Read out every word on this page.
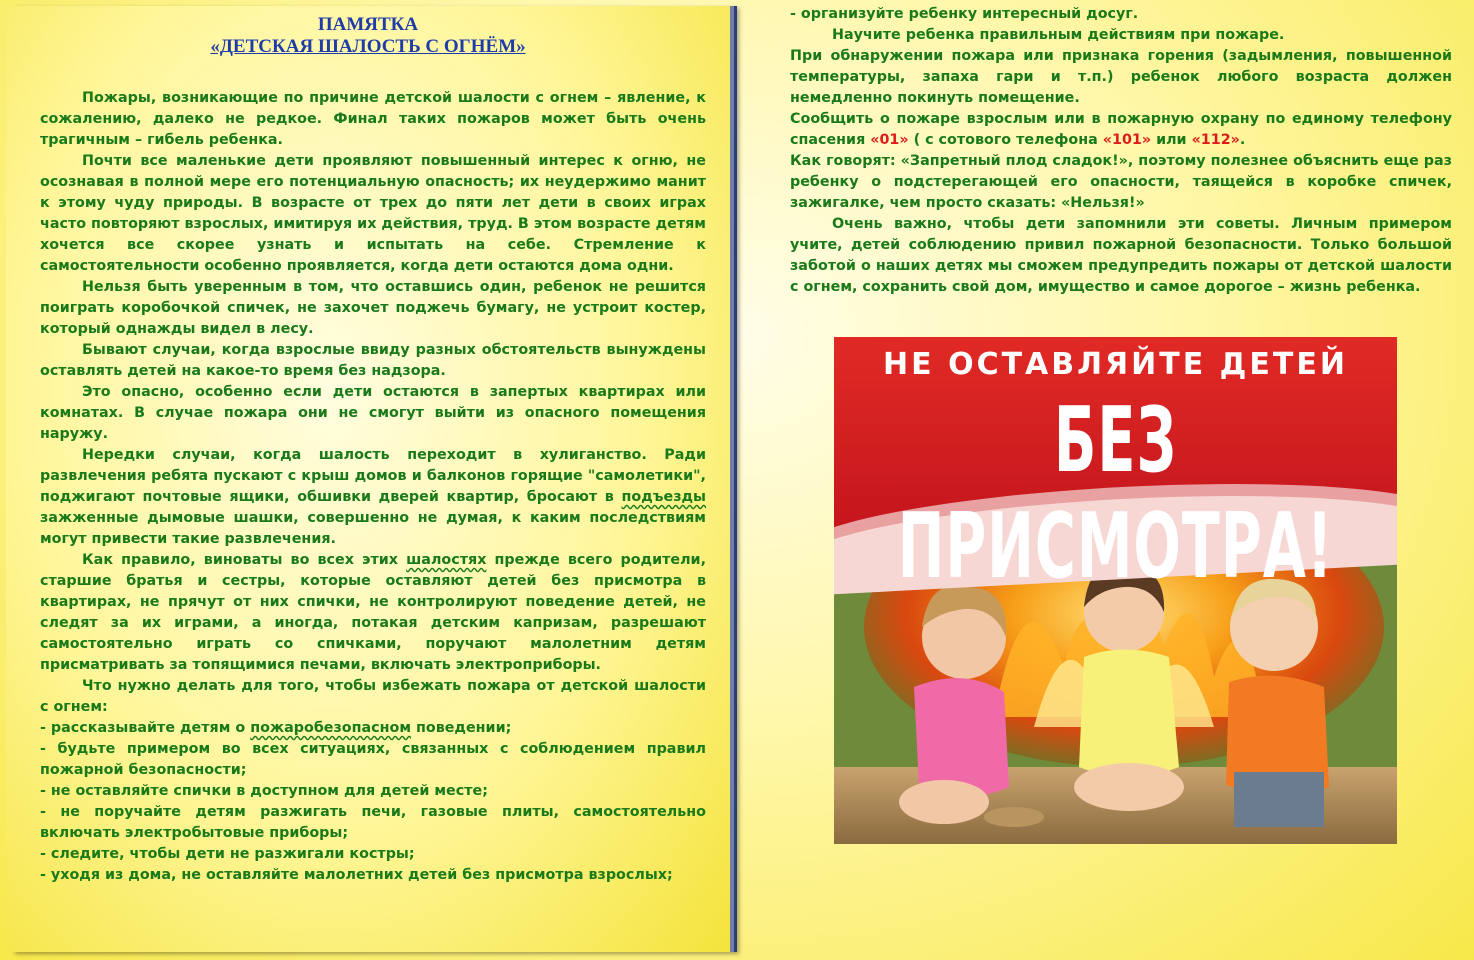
ПАМЯТКА
«ДЕТСКАЯ ШАЛОСТЬ С ОГНЁМ»

Пожары, возникающие по причине детской шалости с огнем – явление, к сожалению, далеко не редкое. Финал таких пожаров может быть очень трагичным – гибель ребенка.

Почти все маленькие дети проявляют повышенный интерес к огню, не осознавая в полной мере его потенциальную опасность; их неудержимо манит к этому чуду природы. В возрасте от трех до пяти лет дети в своих играх часто повторяют взрослых, имитируя их действия, труд. В этом возрасте детям хочется все скорее узнать и испытать на себе. Стремление к самостоятельности особенно проявляется, когда дети остаются дома одни.

Нельзя быть уверенным в том, что оставшись один, ребенок не решится поиграть коробочкой спичек, не захочет поджечь бумагу, не устроит костер, который однажды видел в лесу.

Бывают случаи, когда взрослые ввиду разных обстоятельств вынуждены оставлять детей на какое-то время без надзора.

Это опасно, особенно если дети остаются в запертых квартирах или комнатах. В случае пожара они не смогут выйти из опасного помещения наружу.

Нередки случаи, когда шалость переходит в хулиганство. Ради развлечения ребята пускают с крыш домов и балконов горящие "самолетики", поджигают почтовые ящики, обшивки дверей квартир, бросают в подъезды зажженные дымовые шашки, совершенно не думая, к каким последствиям могут привести такие развлечения.

Как правило, виноваты во всех этих шалостях прежде всего родители, старшие братья и сестры, которые оставляют детей без присмотра в квартирах, не прячут от них спички, не контролируют поведение детей, не следят за их играми, а иногда, потакая детским капризам, разрешают самостоятельно играть со спичками, поручают малолетним детям присматривать за топящимися печами, включать электроприборы.

Что нужно делать для того, чтобы избежать пожара от детской шалости с огнем:

- рассказывайте детям о пожаробезопасном поведении;

- будьте примером во всех ситуациях, связанных с соблюдением правил пожарной безопасности;

- не оставляйте спички в доступном для детей месте;

- не поручайте детям разжигать печи, газовые плиты, самостоятельно включать электробытовые приборы;

- следите, чтобы дети не разжигали костры;

- уходя из дома, не оставляйте малолетних детей без присмотра взрослых;

- организуйте ребенку интересный досуг.

Научите ребенка правильным действиям при пожаре.

При обнаружении пожара или признака горения (задымления, повышенной температуры, запаха гари и т.п.) ребенок любого возраста должен немедленно покинуть помещение.

Сообщить о пожаре взрослым или в пожарную охрану по единому телефону спасения «01» ( с сотового телефона «101» или «112».

Как говорят: «Запретный плод сладок!», поэтому полезнее объяснить еще раз ребенку о подстерегающей его опасности, таящейся в коробке спичек, зажигалке, чем просто сказать: «Нельзя!»

Очень важно, чтобы дети запомнили эти советы. Личным примером учите, детей соблюдению привил пожарной безопасности. Только большой заботой о наших детях мы сможем предупредить пожары от детской шалости с огнем, сохранить свой дом, имущество и самое дорогое – жизнь ребенка.

НЕ ОСТАВЛЯЙТЕ ДЕТЕЙ
БЕЗ ПРИСМОТРА!
